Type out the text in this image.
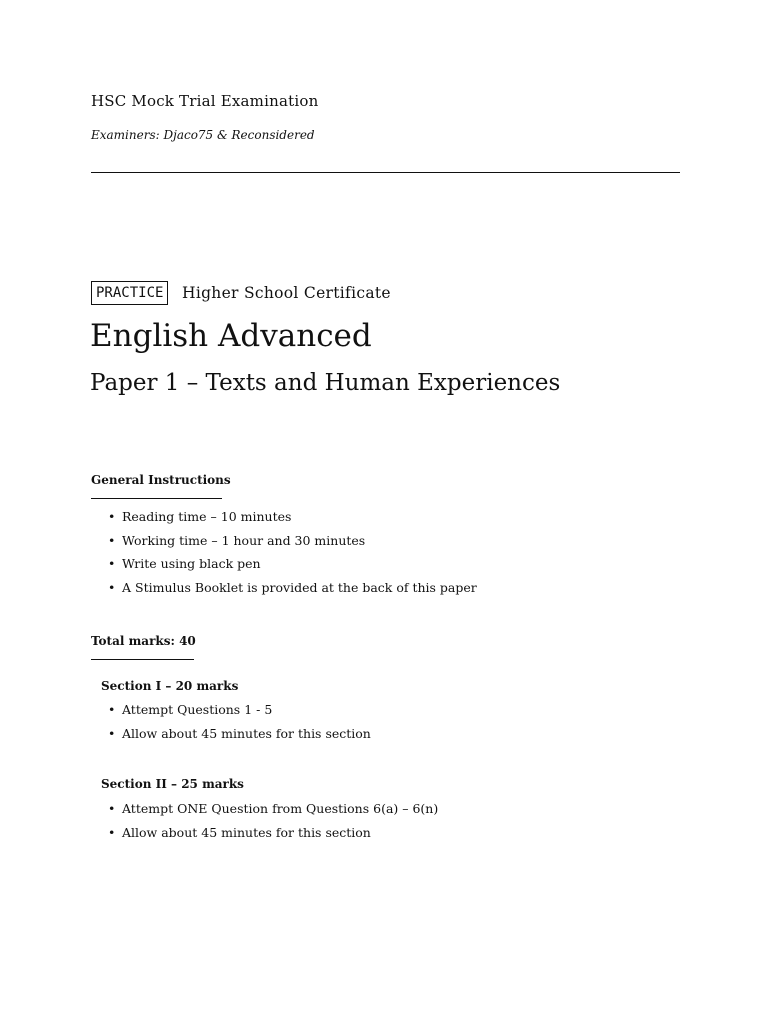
HSC Mock Trial Examination
Examiners: Djaco75 & Reconsidered
PRACTICE	Higher School Certificate
English Advanced
Paper 1 – Texts and Human Experiences
General Instructions
• Reading time – 10 minutes
• Working time – 1 hour and 30 minutes
• Write using black pen
• A Stimulus Booklet is provided at the back of this paper
Total marks: 40
Section I – 20 marks
• Attempt Questions 1 - 5
• Allow about 45 minutes for this section
Section II – 25 marks
• Attempt ONE Question from Questions 6(a) – 6(n)
• Allow about 45 minutes for this section
